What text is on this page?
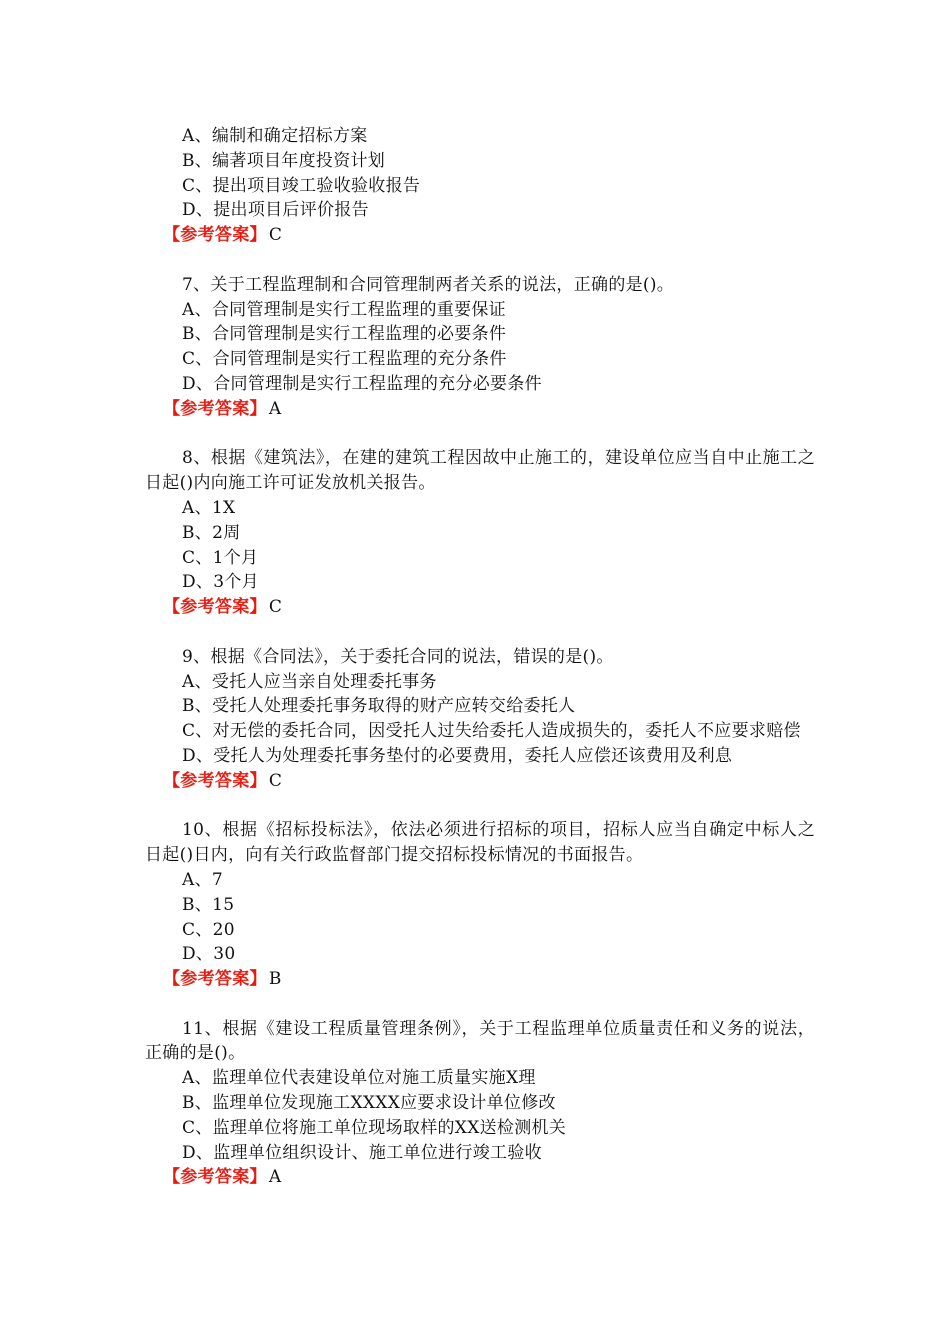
A、编制和确定招标方案
B、编著项目年度投资计划
C、提出项目竣工验收验收报告
D、提出项目后评价报告
【参考答案】 C
7、关于工程监理制和合同管理制两者关系的说法，正确的是()。
A、合同管理制是实行工程监理的重要保证
B、合同管理制是实行工程监理的必要条件
C、合同管理制是实行工程监理的充分条件
D、合同管理制是实行工程监理的充分必要条件
【参考答案】 A
8、根据《建筑法》，在建的建筑工程因故中止施工的，建设单位应当自中止施工之日起()内向施工许可证发放机关报告。
A、1X
B、2周
C、1个月
D、3个月
【参考答案】 C
9、根据《合同法》，关于委托合同的说法，错误的是()。
A、受托人应当亲自处理委托事务
B、受托人处理委托事务取得的财产应转交给委托人
C、对无偿的委托合同，因受托人过失给委托人造成损失的，委托人不应要求赔偿
D、受托人为处理委托事务垫付的必要费用，委托人应偿还该费用及利息
【参考答案】 C
10、根据《招标投标法》，依法必须进行招标的项目，招标人应当自确定中标人之日起()日内，向有关行政监督部门提交招标投标情况的书面报告。
A、7
B、15
C、20
D、30
【参考答案】 B
11、根据《建设工程质量管理条例》，关于工程监理单位质量责任和义务的说法，正确的是()。
A、监理单位代表建设单位对施工质量实施X理
B、监理单位发现施工XXXX应要求设计单位修改
C、监理单位将施工单位现场取样的XX送检测机关
D、监理单位组织设计、施工单位进行竣工验收
【参考答案】 A
